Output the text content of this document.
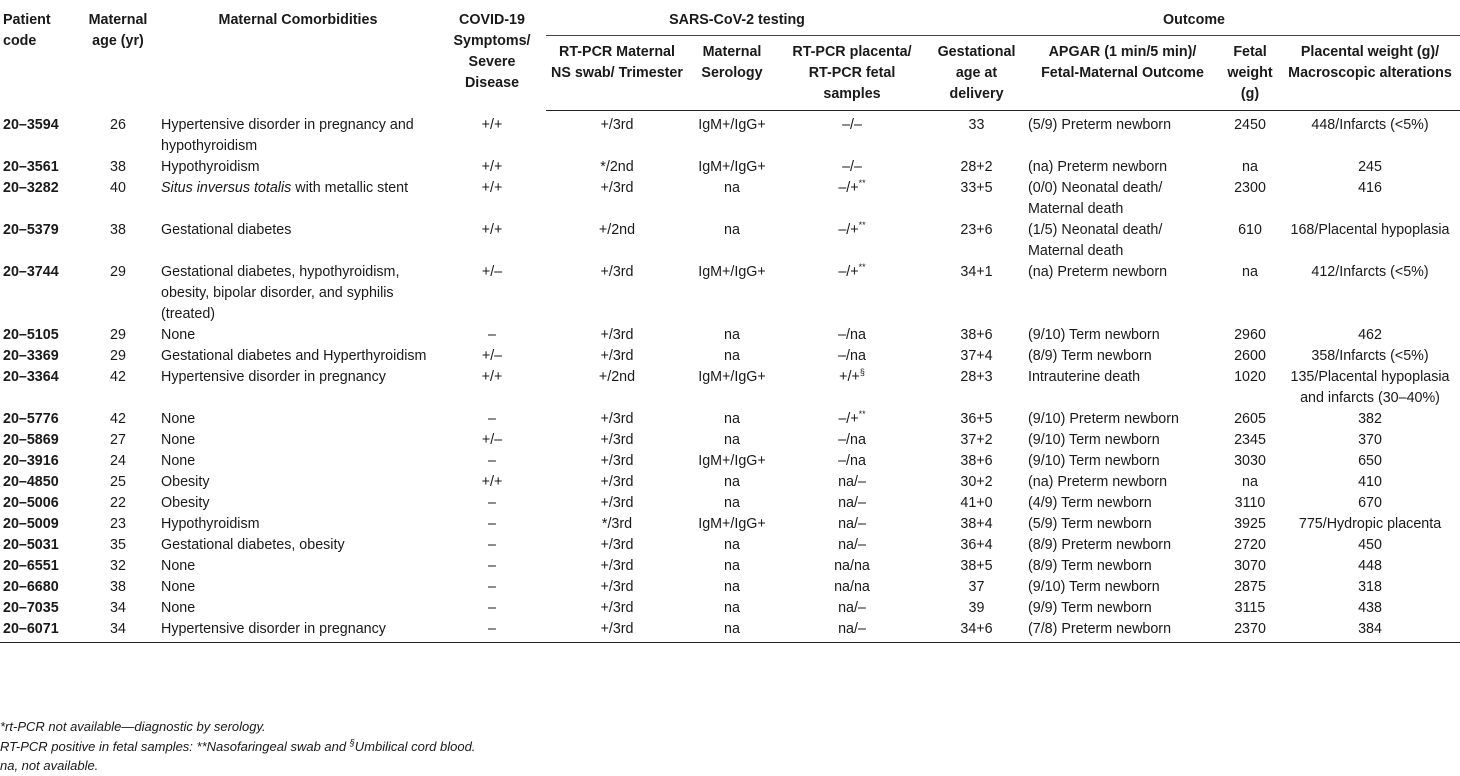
Patient code	Maternal age (yr)	Maternal Comorbidities	COVID-19 Symptoms/ Severe Disease	SARS-CoV-2 testing			Outcome			
				RT-PCR Maternal NS swab/ Trimester	Maternal Serology	RT-PCR placenta/ RT-PCR fetal samples	Gestational age at delivery	APGAR (1 min/5 min)/ Fetal-Maternal Outcome	Fetal weight (g)	Placental weight (g)/ Macroscopic alterations
20–3594	26	Hypertensive disorder in pregnancy and hypothyroidism	+/+	+/3rd	IgM+/IgG+	–/–	33	(5/9) Preterm newborn	2450	448/Infarcts (<5%)
20–3561	38	Hypothyroidism	+/+	*/2nd	IgM+/IgG+	–/–	28+2	(na) Preterm newborn	na	245
20–3282	40	Situs inversus totalis with metallic stent	+/+	+/3rd	na	–/+**	33+5	(0/0) Neonatal death/ Maternal death	2300	416
20–5379	38	Gestational diabetes	+/+	+/2nd	na	–/+**	23+6	(1/5) Neonatal death/ Maternal death	610	168/Placental hypoplasia
20–3744	29	Gestational diabetes, hypothyroidism, obesity, bipolar disorder, and syphilis (treated)	+/–	+/3rd	IgM+/IgG+	–/+**	34+1	(na) Preterm newborn	na	412/Infarcts (<5%)
20–5105	29	None	–	+/3rd	na	–/na	38+6	(9/10) Term newborn	2960	462
20–3369	29	Gestational diabetes and Hyperthyroidism	+/–	+/3rd	na	–/na	37+4	(8/9) Term newborn	2600	358/Infarcts (<5%)
20–3364	42	Hypertensive disorder in pregnancy	+/+	+/2nd	IgM+/IgG+	+/+§	28+3	Intrauterine death	1020	135/Placental hypoplasia and infarcts (30–40%)
20–5776	42	None	–	+/3rd	na	–/+**	36+5	(9/10) Preterm newborn	2605	382
20–5869	27	None	+/–	+/3rd	na	–/na	37+2	(9/10) Term newborn	2345	370
20–3916	24	None	–	+/3rd	IgM+/IgG+	–/na	38+6	(9/10) Term newborn	3030	650
20–4850	25	Obesity	+/+	+/3rd	na	na/–	30+2	(na) Preterm newborn	na	410
20–5006	22	Obesity	–	+/3rd	na	na/–	41+0	(4/9) Term newborn	3110	670
20–5009	23	Hypothyroidism	–	*/3rd	IgM+/IgG+	na/–	38+4	(5/9) Term newborn	3925	775/Hydropic placenta
20–5031	35	Gestational diabetes, obesity	–	+/3rd	na	na/–	36+4	(8/9) Preterm newborn	2720	450
20–6551	32	None	–	+/3rd	na	na/na	38+5	(8/9) Term newborn	3070	448
20–6680	38	None	–	+/3rd	na	na/na	37	(9/10) Term newborn	2875	318
20–7035	34	None	–	+/3rd	na	na/–	39	(9/9) Term newborn	3115	438
20–6071	34	Hypertensive disorder in pregnancy	–	+/3rd	na	na/–	34+6	(7/8) Preterm newborn	2370	384
*rt-PCR not available—diagnostic by serology.
RT-PCR positive in fetal samples: **Nasofaringeal swab and §Umbilical cord blood.
na, not available.
